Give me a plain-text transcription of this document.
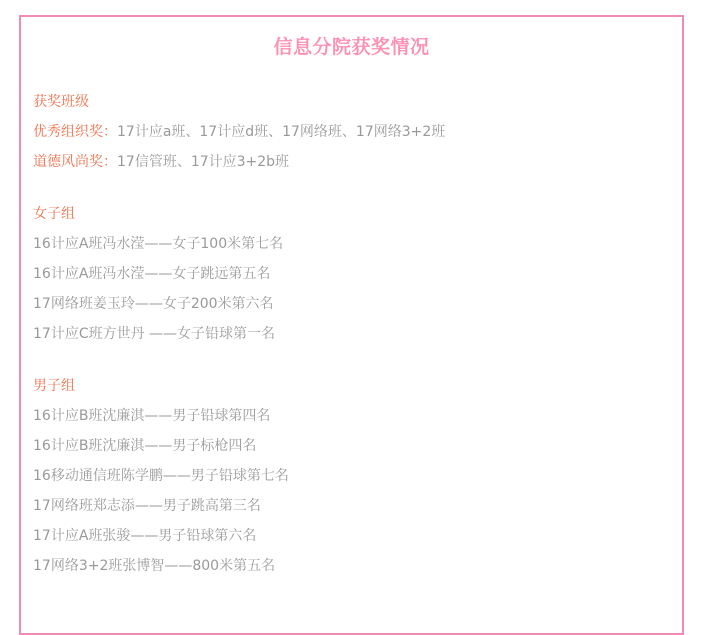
信息分院获奖情况

获奖班级

优秀组织奖：17计应a班、17计应d班、17网络班、17网络3+2班

道德风尚奖：17信管班、17计应3+2b班

女子组

16计应A班冯水滢——女子100米第七名

16计应A班冯水滢——女子跳远第五名

17网络班姜玉玲——女子200米第六名

17计应C班方世丹 ——女子铅球第一名

男子组

16计应B班沈廉淇——男子铅球第四名

16计应B班沈廉淇——男子标枪四名

16移动通信班陈学鹏——男子铅球第七名

17网络班郑志添——男子跳高第三名

17计应A班张骏——男子铅球第六名

17网络3+2班张博智——800米第五名
